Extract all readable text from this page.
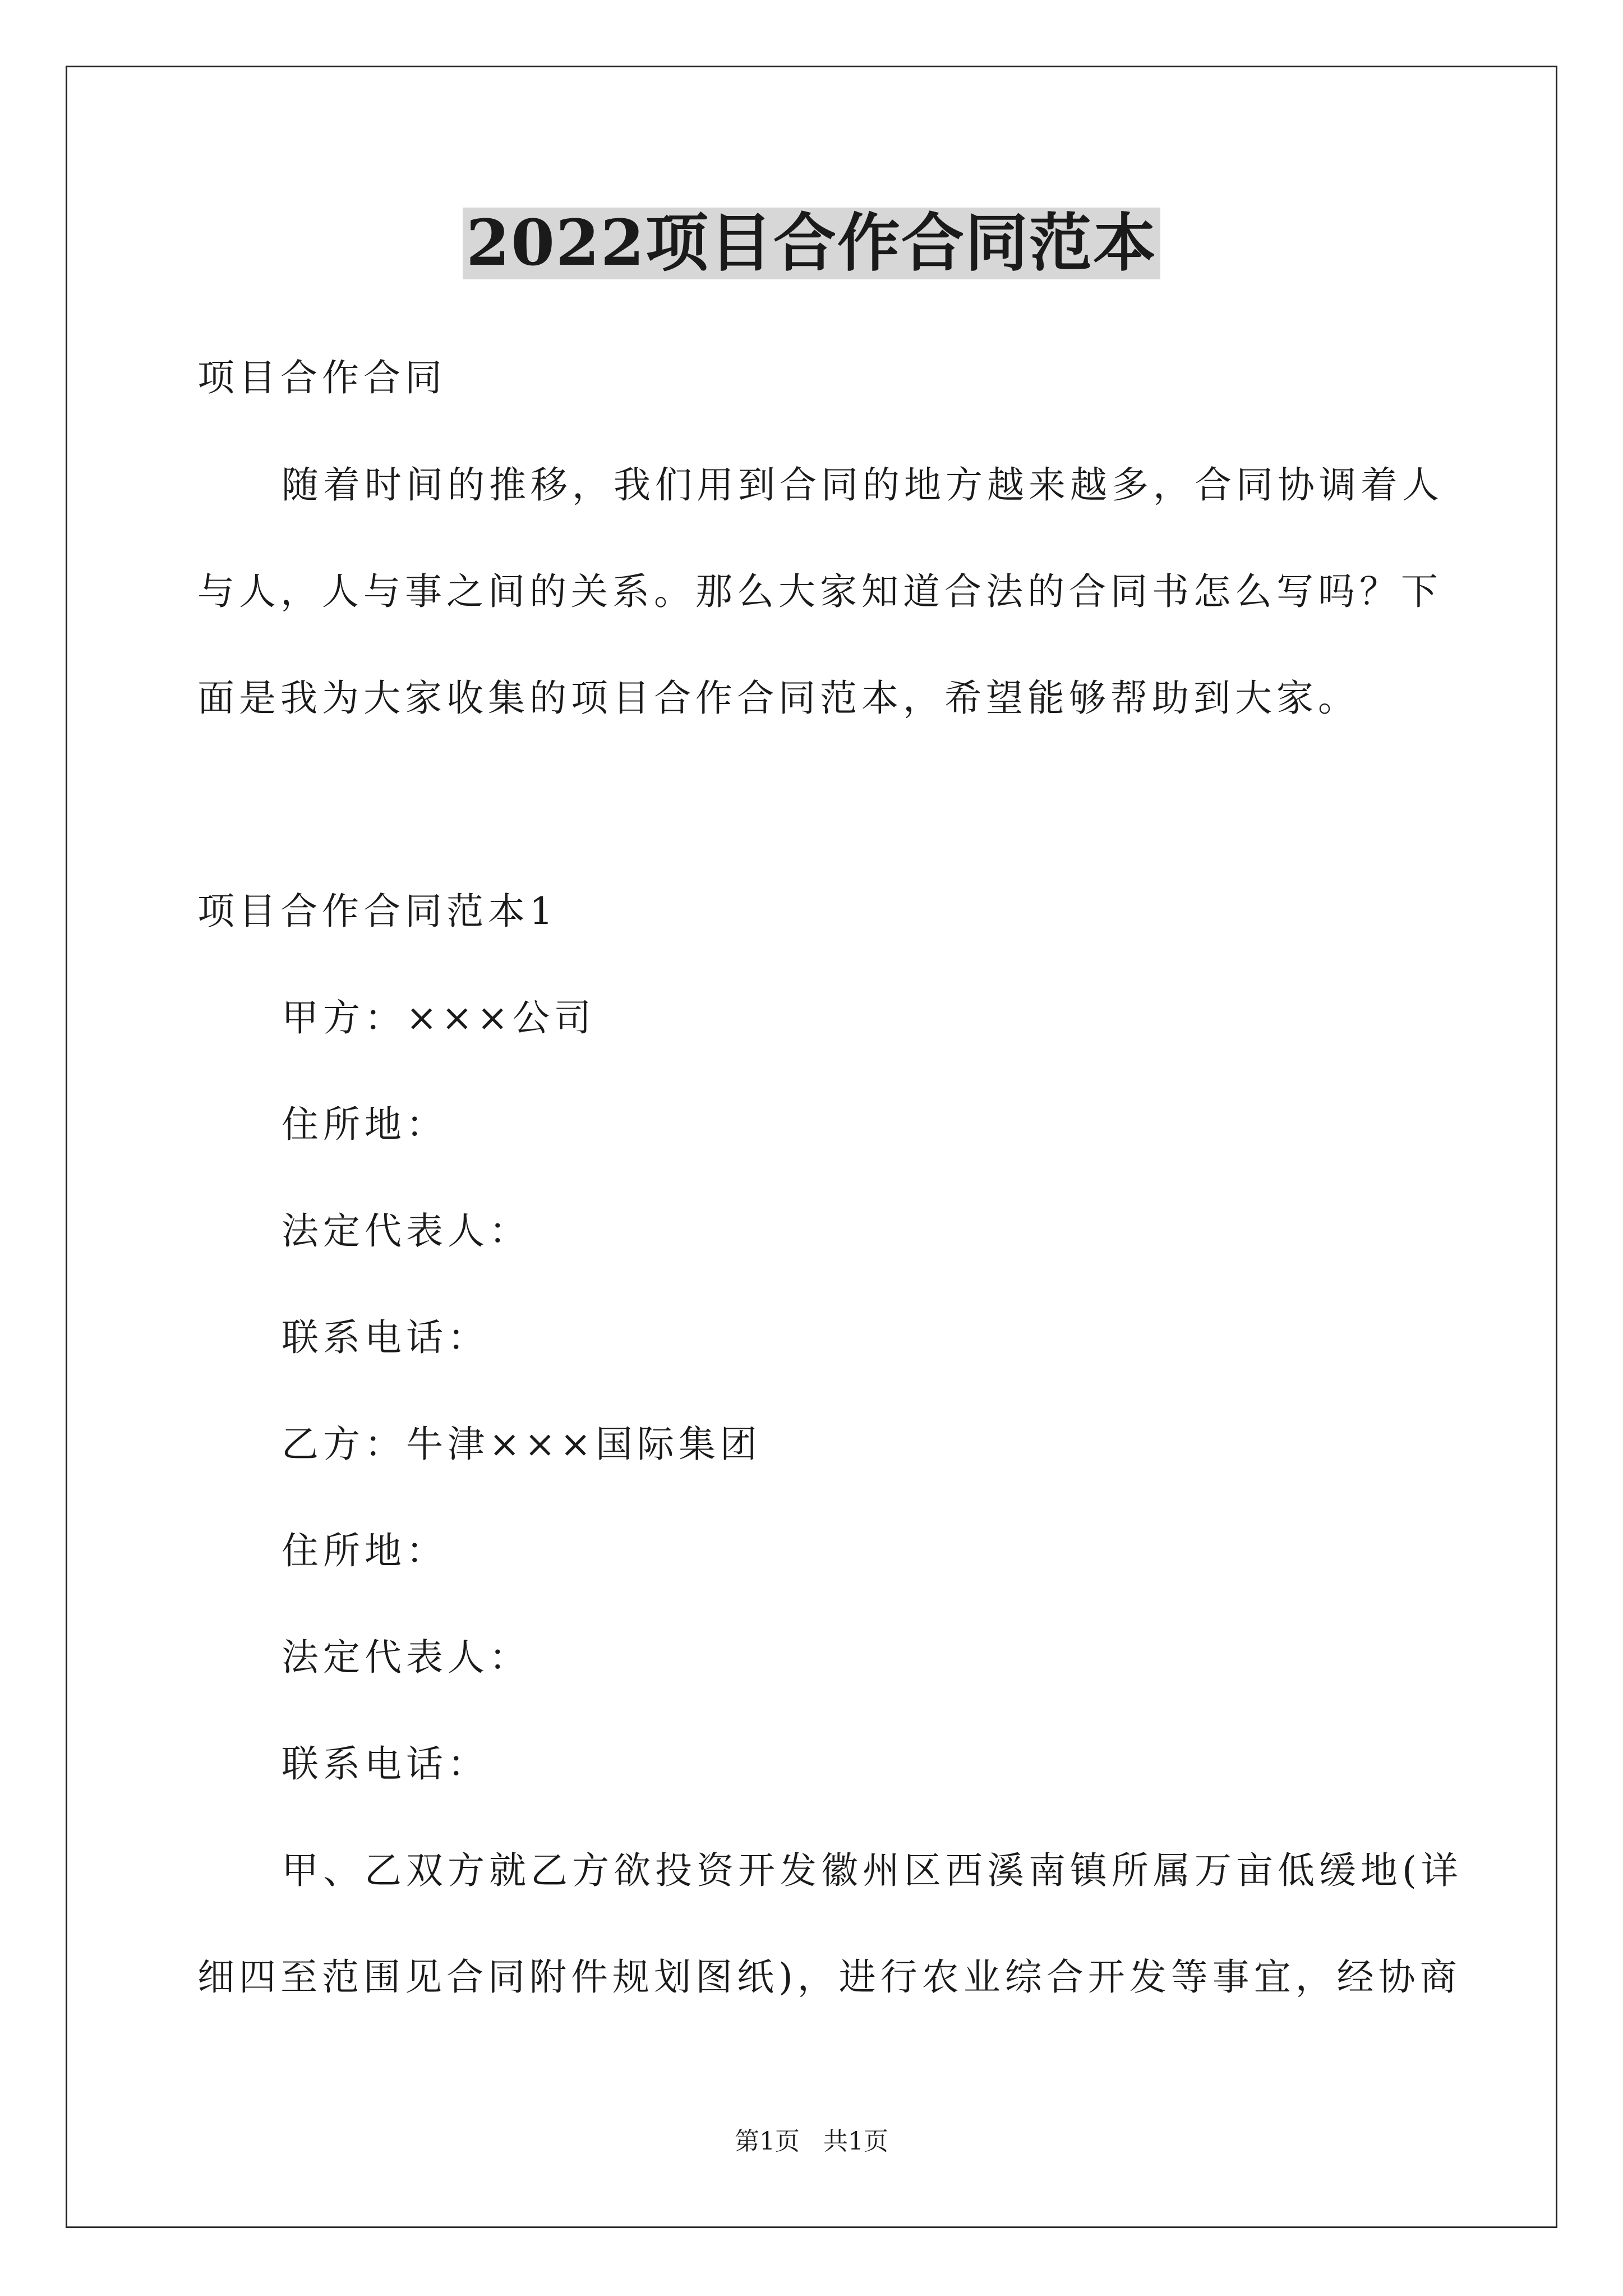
2022项目合作合同范本

项目合作合同

随着时间的推移，我们用到合同的地方越来越多，合同协调着人

与人，人与事之间的关系。那么大家知道合法的合同书怎么写吗？下

面是我为大家收集的项目合作合同范本，希望能够帮助到大家。

项目合作合同范本1

甲方：×××公司

住所地：

法定代表人：

联系电话：

乙方：牛津×××国际集团

住所地：

法定代表人：

联系电话：

甲、乙双方就乙方欲投资开发徽州区西溪南镇所属万亩低缓地(详

细四至范围见合同附件规划图纸)，进行农业综合开发等事宜，经协商

第1页   共1页
